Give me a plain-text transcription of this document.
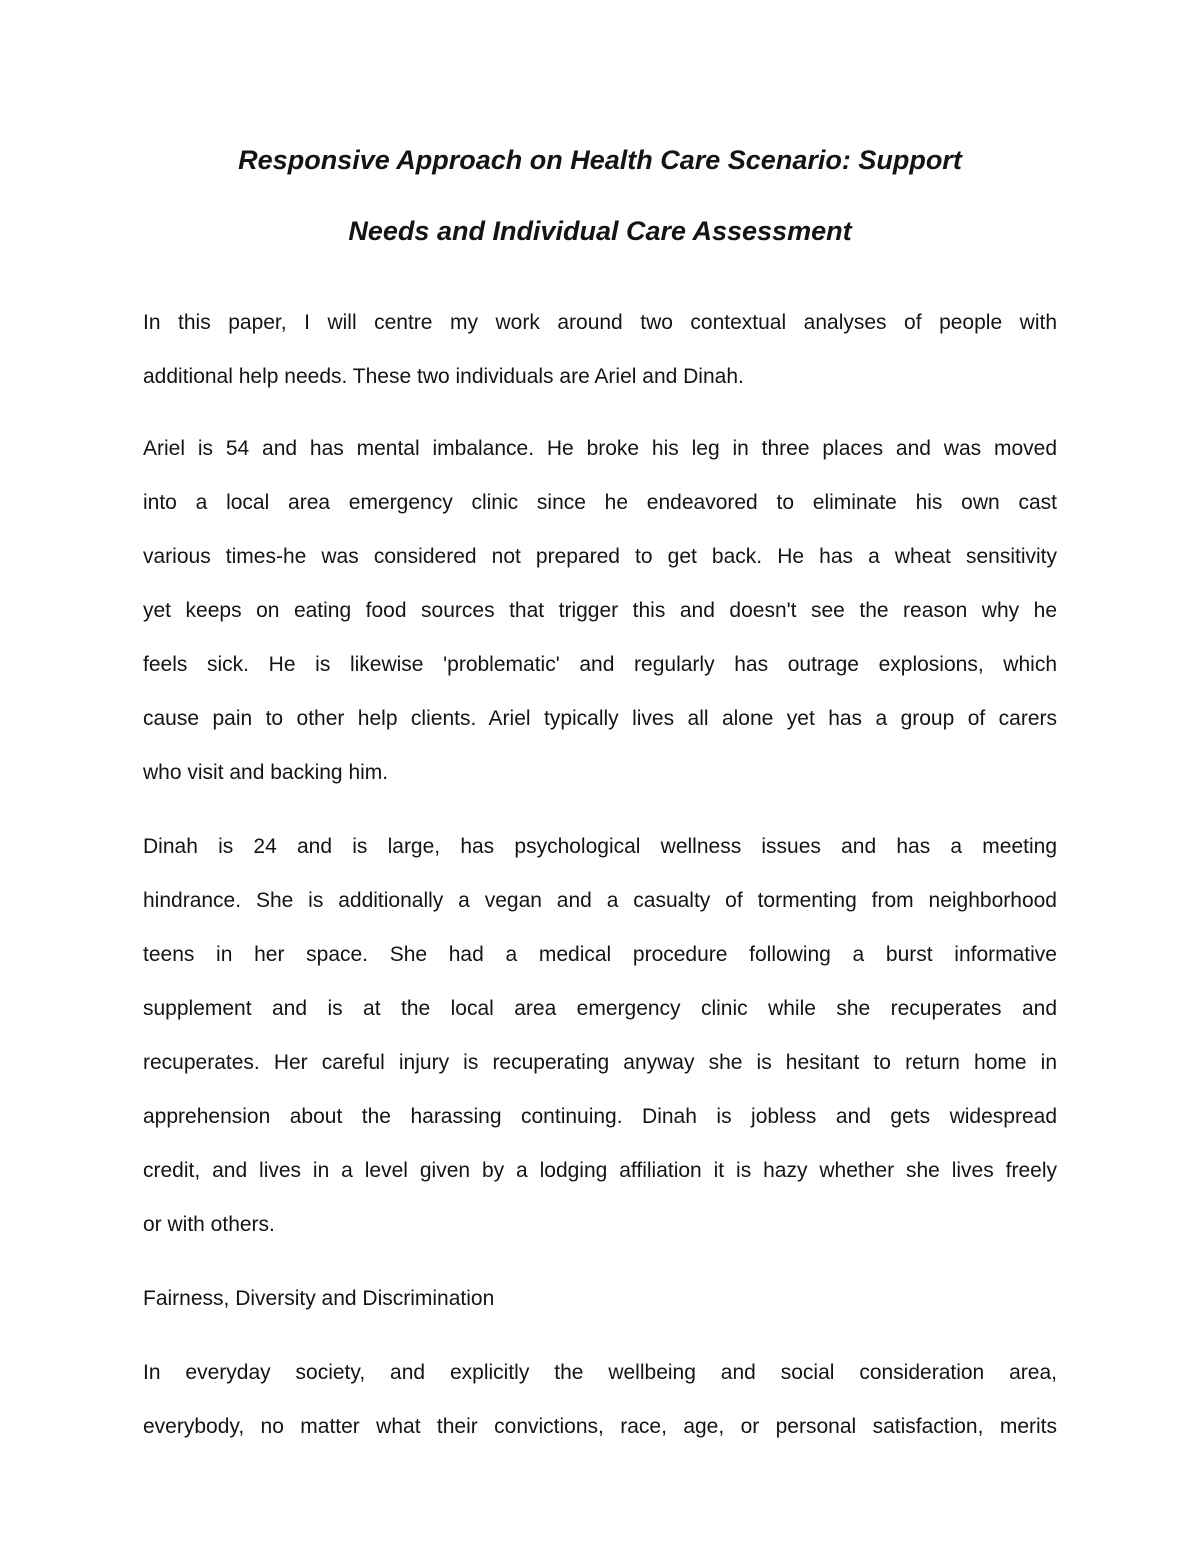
Responsive Approach on Health Care Scenario: Support
Needs and Individual Care Assessment

In this paper, I will centre my work around two contextual analyses of people with

additional help needs. These two individuals are Ariel and Dinah.

Ariel is 54 and has mental imbalance. He broke his leg in three places and was moved

into a local area emergency clinic since he endeavored to eliminate his own cast

various times-he was considered not prepared to get back. He has a wheat sensitivity

yet keeps on eating food sources that trigger this and doesn't see the reason why he

feels sick. He is likewise 'problematic' and regularly has outrage explosions, which

cause pain to other help clients. Ariel typically lives all alone yet has a group of carers

who visit and backing him.

Dinah is 24 and is large, has psychological wellness issues and has a meeting

hindrance. She is additionally a vegan and a casualty of tormenting from neighborhood

teens in her space. She had a medical procedure following a burst informative

supplement and is at the local area emergency clinic while she recuperates and

recuperates. Her careful injury is recuperating anyway she is hesitant to return home in

apprehension about the harassing continuing. Dinah is jobless and gets widespread

credit, and lives in a level given by a lodging affiliation it is hazy whether she lives freely

or with others.

Fairness, Diversity and Discrimination

In everyday society, and explicitly the wellbeing and social consideration area,

everybody, no matter what their convictions, race, age, or personal satisfaction, merits
